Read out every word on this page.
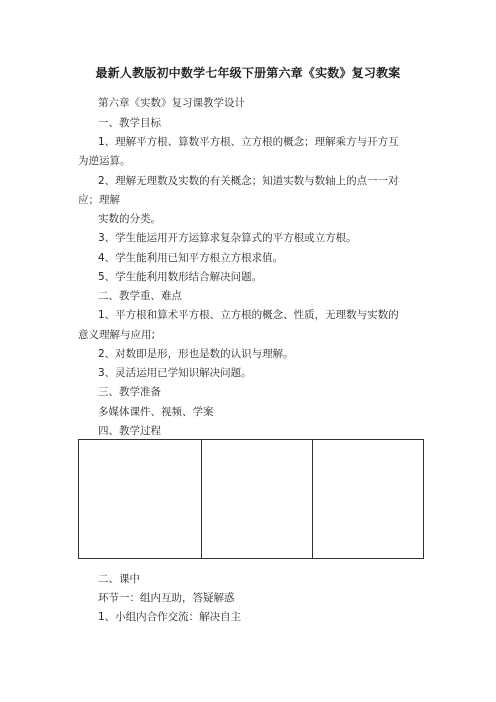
最新人教版初中数学七年级下册第六章《实数》复习教案
第六章《实数》复习课教学设计
一、教学目标
1、理解平方根、算数平方根、立方根的概念；理解乘方与开方互
为逆运算。
2、理解无理数及实数的有关概念；知道实数与数轴上的点一一对
应；理解
实数的分类。
3、学生能运用开方运算求复杂算式的平方根或立方根。
4、学生能利用已知平方根立方根求值。
5、学生能利用数形结合解决问题。
二、教学重、难点
1、平方根和算术平方根、立方根的概念、性质，无理数与实数的
意义理解与应用;
2、对数即是形，形也是数的认识与理解。
3、灵活运用已学知识解决问题。
三、教学准备
多媒体课件、视频、学案
四、教学过程

二、课中
环节一：组内互助，答疑解惑
1、小组内合作交流：解决自主
